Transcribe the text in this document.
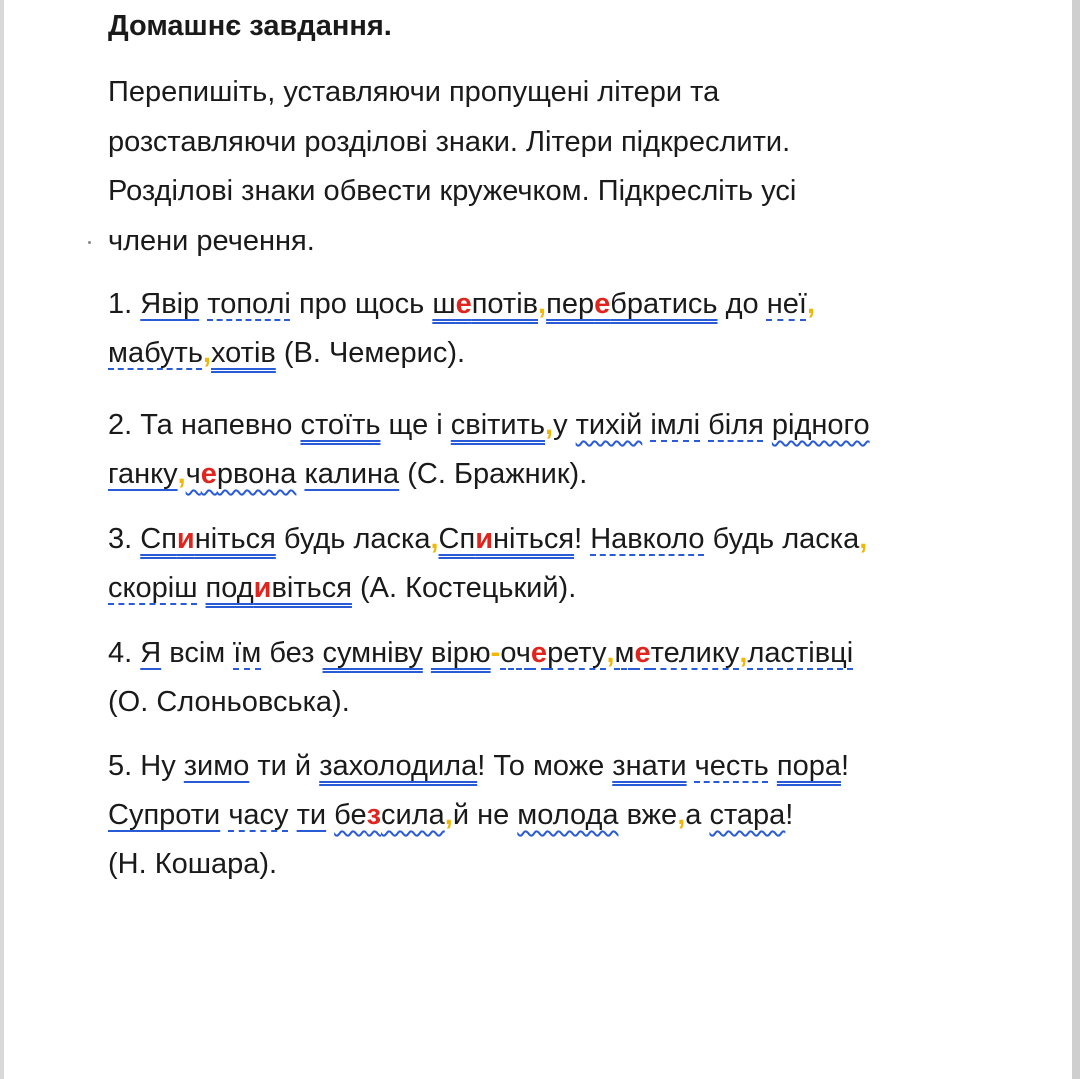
Домашнє завдання.
Перепишіть, уставляючи пропущені літери та
розставляючи розділові знаки. Літери підкреслити.
Розділові знаки обвести кружечком. Підкресліть усі
члени речення.
1. Явір тополі про щось шепотів,перебратись до неї,
мабуть,хотів (В. Чемерис).
2. Та напевно стоїть ще і світить,у тихій імлі біля рідного
ганку,червона калина (С. Бражник).
3. Спиніться будь ласка,Спиніться! Навколо будь ласка,
скоріш подивіться (А. Костецький).
4. Я всім їм без сумніву вірю-очерету,метелику,ластівці
(О. Слоньовська).
5. Ну зимо ти й захолодила! То може знати честь пора!
Супроти часу ти безсила,й не молода вже,а стара!
(Н. Кошара).
